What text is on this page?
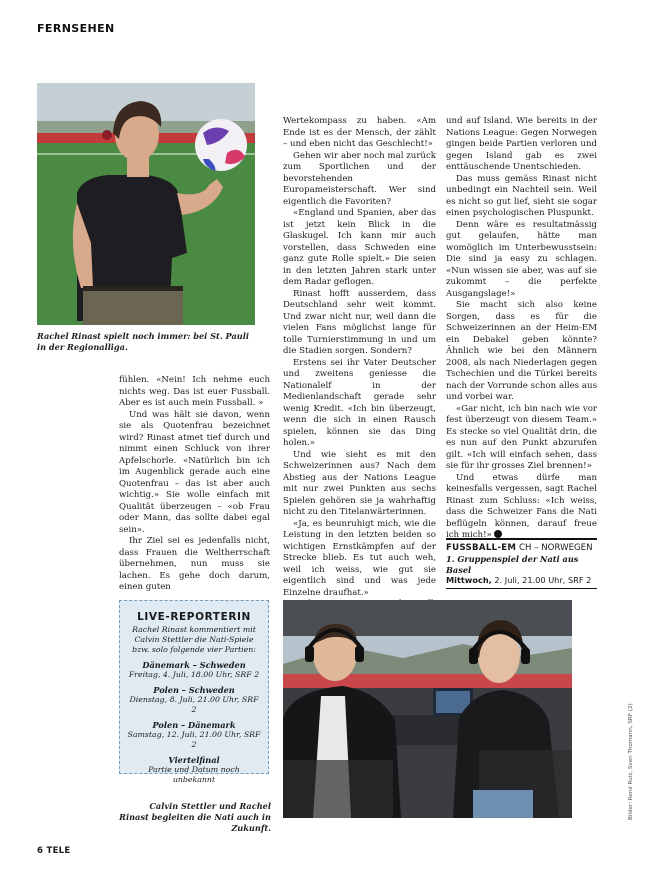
FERNSEHEN
Rachel Rinast spielt noch immer: bei St. Pauli in der Regionalliga.

fühlen. «Nein! Ich nehme euch nichts weg. Das ist euer Fussball. Aber es ist auch mein Fussball. »

Und was hält sie davon, wenn sie als Quotenfrau bezeichnet wird? Rinast atmet tief durch und nimmt einen Schluck von ihrer Apfelschorle. «Natürlich bin ich im Augenblick gerade auch eine Quotenfrau – das ist aber auch wichtig.» Sie wolle einfach mit Qualität überzeugen – «ob Frau oder Mann, das sollte dabei egal sein».

Ihr Ziel sei es jedenfalls nicht, dass Frauen die Weltherrschaft übernehmen, nun muss sie lachen. Es gehe doch darum, einen guten

Wertekompass zu haben. «Am Ende ist es der Mensch, der zählt – und eben nicht das Geschlecht!»

Gehen wir aber noch mal zurück zum Sportlichen und der bevorstehenden Europameisterschaft. Wer sind eigentlich die Favoriten?

«England und Spanien, aber das ist jetzt kein Blick in die Glaskugel. Ich kann mir auch vorstellen, dass Schweden eine ganz gute Rolle spielt.» Die seien in den letzten Jahren stark unter dem Radar geflogen.

Rinast hofft ausserdem, dass Deutschland sehr weit kommt. Und zwar nicht nur, weil dann die vielen Fans möglichst lange für tolle Turnierstimmung in und um die Stadien sorgen. Sondern?

Erstens sei ihr Vater Deutscher und zweitens geniesse die Nationalelf in der Medienlandschaft gerade sehr wenig Kredit. «Ich bin überzeugt, wenn die sich in einen Rausch spielen, können sie das Ding holen.»

Und wie sieht es mit den Schweizerinnen aus? Nach dem Abstieg aus der Nations League mit nur zwei Punkten aus sechs Spielen gehören sie ja wahrhaftig nicht zu den Titelanwärterinnen.

«Ja, es beunruhigt mich, wie die Leistung in den letzten beiden so wichtigen Ernstkämpfen auf der Strecke blieb. Es tut auch weh, weil ich weiss, wie gut sie eigentlich sind und was jede Einzelne draufhat.»

und auf Island. Wie bereits in der Nations League: Gegen Norwegen gingen beide Partien verloren und gegen Island gab es zwei enttäuschende Unentschieden.

Das muss gemäss Rinast nicht unbedingt ein Nachteil sein. Weil es nicht so gut lief, sieht sie sogar einen psychologischen Pluspunkt.

Denn wäre es resultatmässig gut gelaufen, hätte man womöglich im Unterbewusstsein: Die sind ja easy zu schlagen. «Nun wissen sie aber, was auf sie zukommt – die perfekte Ausgangslage!»

Sie macht sich also keine Sorgen, dass es für die Schweizerinnen an der Heim-EM ein Debakel geben könnte? Ähnlich wie bei den Männern 2008, als nach Niederlagen gegen Tschechien und die Türkei bereits nach der Vorrunde schon alles aus und vorbei war.

«Gar nicht, ich bin nach wie vor fest überzeugt von diesem Team.» Es stecke so viel Qualität drin, die es nun auf den Punkt abzurufen gilt. «Ich will einfach sehen, dass sie für ihr grosses Ziel brennen!»

Und etwas dürfe man keinesfalls vergessen, sagt Rachel Rinast zum Schluss: «Ich weiss, dass die Schweizer Fans die Nati beflügeln können, darauf freue ich mich!»

FUSSBALL-EM CH – NORWEGEN
1. Gruppenspiel der Nati aus Basel
Mittwoch, 2. Juli, 21.00 Uhr, SRF 2
LIVE-REPORTERIN
Rachel Rinast kommentiert mit Calvin Stettler die Nati-Spiele bzw. solo folgende vier Partien:
Dänemark – Schweden
Freitag, 4. Juli, 18.00 Uhr, SRF 2
Polen – Schweden
Dienstag, 8. Juli, 21.00 Uhr, SRF 2
Polen – Dänemark
Samstag, 12. Juli, 21.00 Uhr, SRF 2
Viertelfinal
Partie und Datum noch unbekannt
Calvin Stettler und Rachel Rinast begleiten die Nati auch in Zukunft.
Bilder: René Ruis, Sven Thomann, SRF (2)
6 TELE
